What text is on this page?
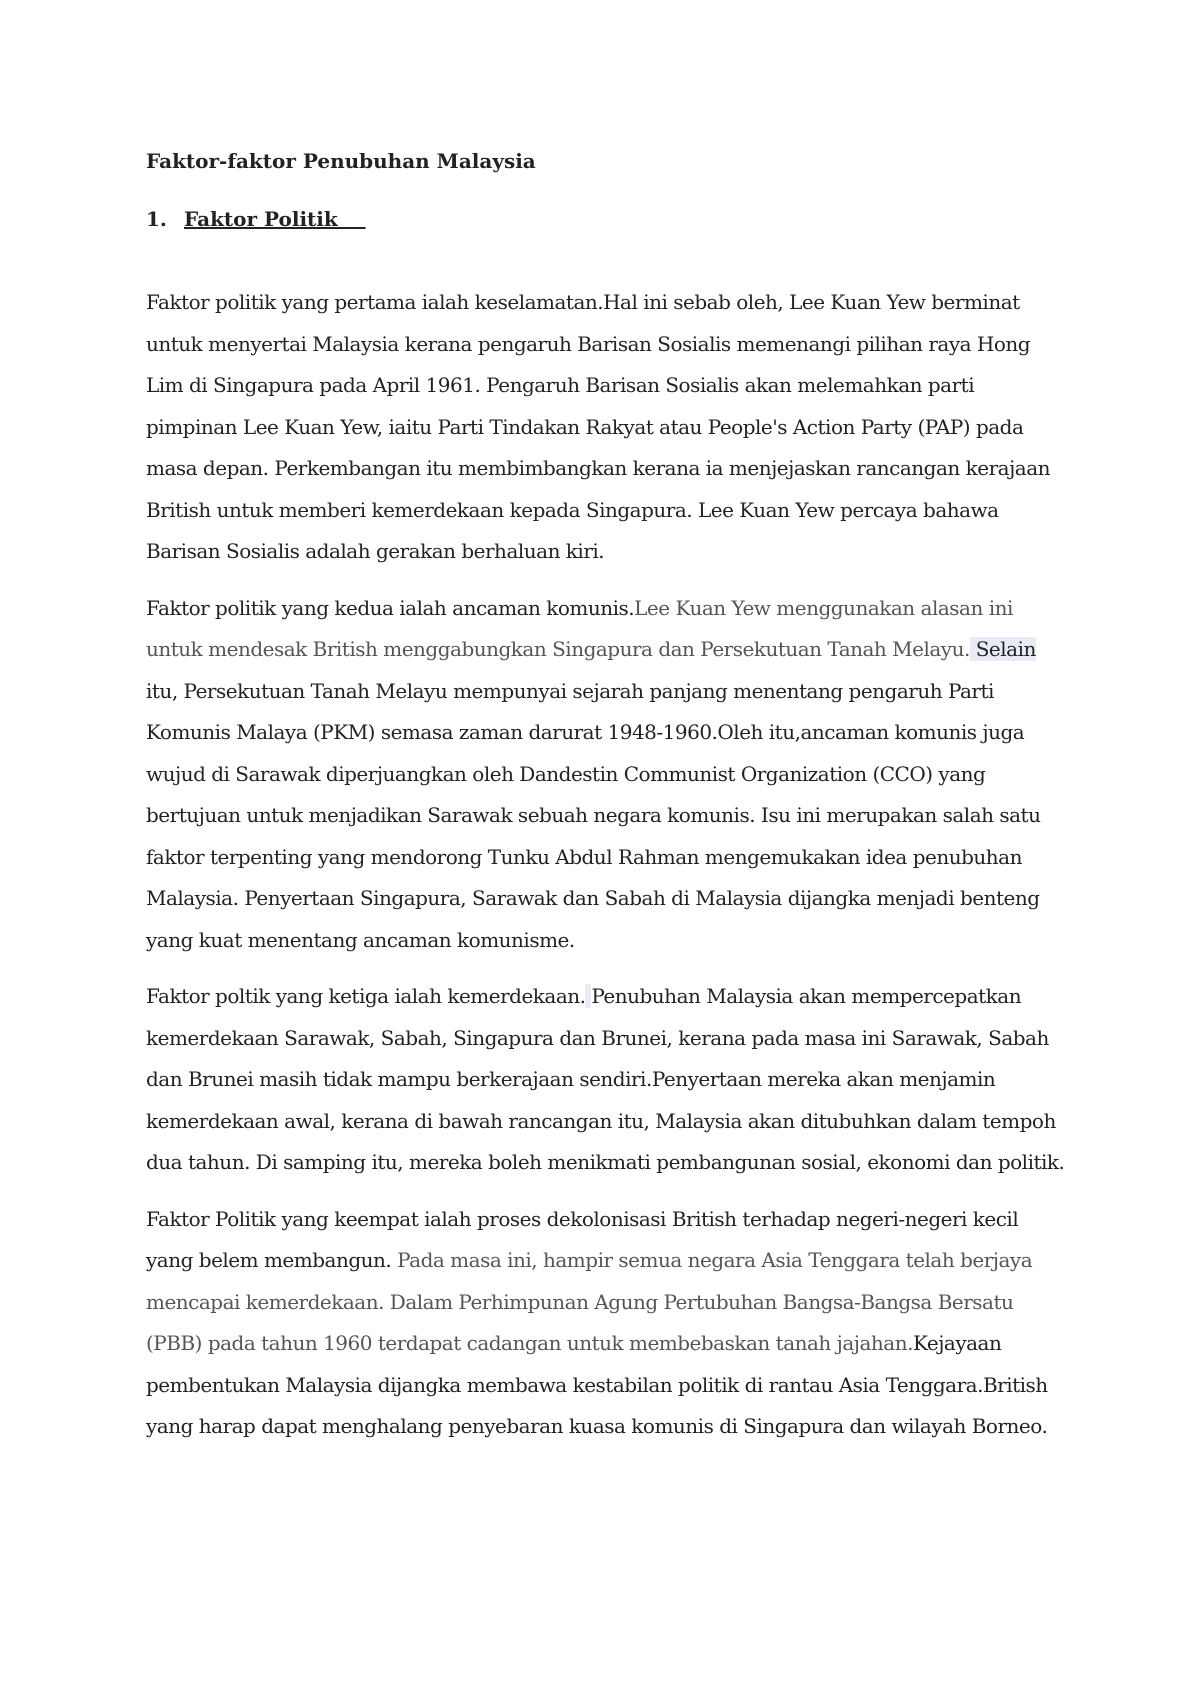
Faktor-faktor Penubuhan Malaysia
1. Faktor Politik

Faktor politik yang pertama ialah keselamatan.Hal ini sebab oleh, Lee Kuan Yew berminat untuk menyertai Malaysia kerana pengaruh Barisan Sosialis memenangi pilihan raya Hong Lim di Singapura pada April 1961. Pengaruh Barisan Sosialis akan melemahkan parti pimpinan Lee Kuan Yew, iaitu Parti Tindakan Rakyat atau People's Action Party (PAP) pada masa depan. Perkembangan itu membimbangkan kerana ia menjejaskan rancangan kerajaan British untuk memberi kemerdekaan kepada Singapura. Lee Kuan Yew percaya bahawa Barisan Sosialis adalah gerakan berhaluan kiri.

Faktor politik yang kedua ialah ancaman komunis.Lee Kuan Yew menggunakan alasan ini untuk mendesak British menggabungkan Singapura dan Persekutuan Tanah Melayu. Selain itu, Persekutuan Tanah Melayu mempunyai sejarah panjang menentang pengaruh Parti Komunis Malaya (PKM) semasa zaman darurat 1948-1960.Oleh itu,ancaman komunis juga wujud di Sarawak diperjuangkan oleh Dandestin Communist Organization (CCO) yang bertujuan untuk menjadikan Sarawak sebuah negara komunis. Isu ini merupakan salah satu faktor terpenting yang mendorong Tunku Abdul Rahman mengemukakan idea penubuhan Malaysia. Penyertaan Singapura, Sarawak dan Sabah di Malaysia dijangka menjadi benteng yang kuat menentang ancaman komunisme.

Faktor poltik yang ketiga ialah kemerdekaan. Penubuhan Malaysia akan mempercepatkan kemerdekaan Sarawak, Sabah, Singapura dan Brunei, kerana pada masa ini Sarawak, Sabah dan Brunei masih tidak mampu berkerajaan sendiri.Penyertaan mereka akan menjamin kemerdekaan awal, kerana di bawah rancangan itu, Malaysia akan ditubuhkan dalam tempoh dua tahun. Di samping itu, mereka boleh menikmati pembangunan sosial, ekonomi dan politik.

Faktor Politik yang keempat ialah proses dekolonisasi British terhadap negeri-negeri kecil yang belem membangun. Pada masa ini, hampir semua negara Asia Tenggara telah berjaya mencapai kemerdekaan. Dalam Perhimpunan Agung Pertubuhan Bangsa-Bangsa Bersatu (PBB) pada tahun 1960 terdapat cadangan untuk membebaskan tanah jajahan.Kejayaan pembentukan Malaysia dijangka membawa kestabilan politik di rantau Asia Tenggara.British yang harap dapat menghalang penyebaran kuasa komunis di Singapura dan wilayah Borneo.
